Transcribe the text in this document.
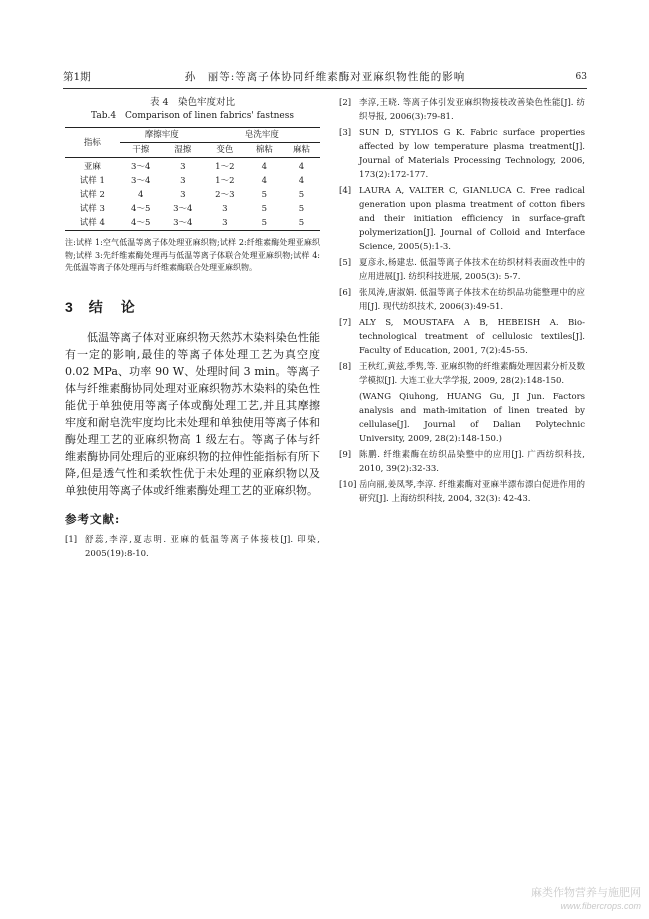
第1期	孙　丽等:等离子体协同纤维素酶对亚麻织物性能的影响	63
表 4　染色牢度对比
Tab.4　Comparison of linen fabrics' fastness
指标	摩擦牢度		皂洗牢度		
	干擦	湿擦	变色	棉粘	麻粘
亚麻	3～4	3	1～2	4	4
试样 1	3～4	3	1～2	4	4
试样 2	4	3	2～3	5	5
试样 3	4～5	3～4	3	5	5
试样 4	4～5	3～4	3	5	5
注:试样 1:空气低温等离子体处理亚麻织物;试样 2:纤维素酶处理亚麻织物;试样 3:先纤维素酶处理再与低温等离子体联合处理亚麻织物;试样 4:先低温等离子体处理再与纤维素酶联合处理亚麻织物。
3 结　论
低温等离子体对亚麻织物天然苏木染料染色性能有一定的影响,最佳的等离子体处理工艺为真空度 0.02 MPa、功率 90 W、处理时间 3 min。等离子体与纤维素酶协同处理对亚麻织物苏木染料的染色性能优于单独使用等离子体或酶处理工艺,并且其摩擦牢度和耐皂洗牢度均比未处理和单独使用等离子体和酶处理工艺的亚麻织物高 1 级左右。等离子体与纤维素酶协同处理后的亚麻织物的拉伸性能指标有所下降,但是透气性和柔软性优于未处理的亚麻织物以及单独使用等离子体或纤维素酶处理工艺的亚麻织物。
参考文献:
[1] 舒蕊,李淳,夏志明. 亚麻的低温等离子体接枝[J]. 印染, 2005(19):8-10.
[2] 李淳,王晓. 等离子体引发亚麻织物接枝改善染色性能[J]. 纺织导报, 2006(3):79-81.
[3] SUN D, STYLIOS G K. Fabric surface properties affected by low temperature plasma treatment[J]. Journal of Materials Processing Technology, 2006, 173(2):172-177.
[4] LAURA A, VALTER C, GIANLUCA C. Free radical generation upon plasma treatment of cotton fibers and their initiation efficiency in surface-graft polymerization[J]. Journal of Colloid and Interface Science, 2005(5):1-3.
[5] 夏彦永,杨建忠. 低温等离子体技术在纺织材料表面改性中的应用进展[J]. 纺织科技进展, 2005(3): 5-7.
[6] 张凤涛,唐淑娟. 低温等离子体技术在纺织品功能整理中的应用[J]. 现代纺织技术, 2006(3):49-51.
[7] ALY S, MOUSTAFA A B, HEBEISH A. Bio-technological treatment of cellulosic textiles[J]. Faculty of Education, 2001, 7(2):45-55.
[8] 王秋红,黄兹,季隽,等. 亚麻织物的纤维素酶处理因素分析及数学模拟[J]. 大连工业大学学报, 2009, 28(2):148-150.
(WANG Qiuhong, HUANG Gu, JI Jun. Factors analysis and math-imitation of linen treated by cellulase[J]. Journal of Dalian Polytechnic University, 2009, 28(2):148-150.)
[9] 陈鹏. 纤维素酶在纺织品染整中的应用[J]. 广西纺织科技, 2010, 39(2):32-33.
[10] 岳向丽,姜凤琴,李淳. 纤维素酶对亚麻半漂布漂白促进作用的研究[J]. 上海纺织科技, 2004, 32(3): 42-43.
麻类作物营养与施肥网
www.fibercrops.com
